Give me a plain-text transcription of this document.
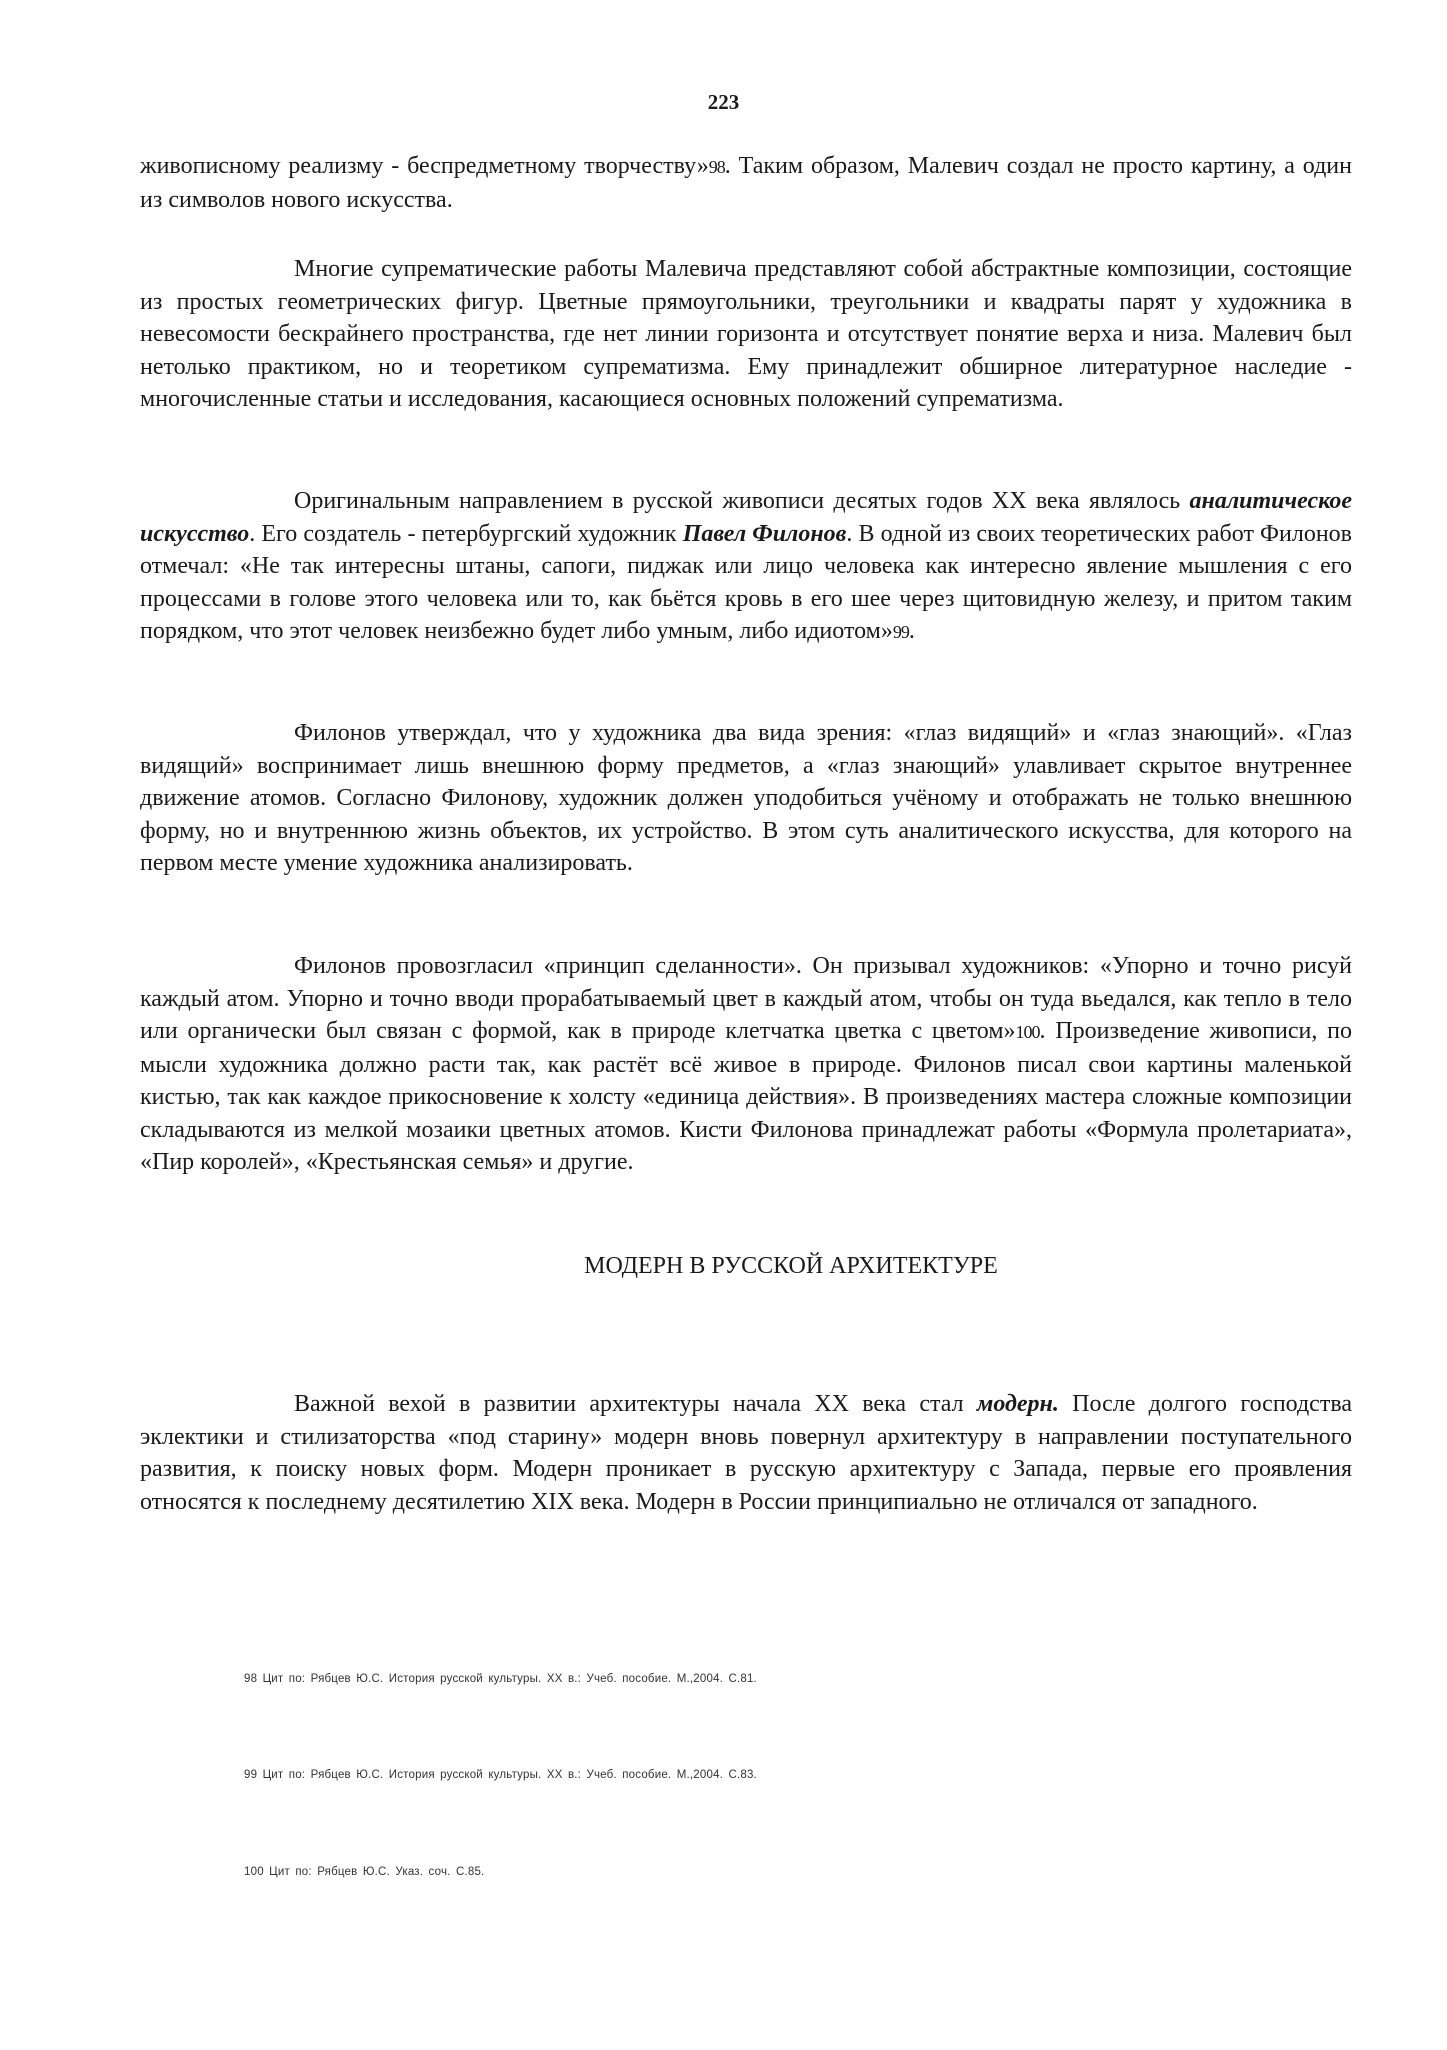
223

живописному реализму - беспредметному творчеству»98. Таким образом, Малевич создал не просто картину, а один из символов нового искусства.

Многие супрематические работы Малевича представляют собой абстрактные композиции, состоящие из простых геометрических фигур. Цветные прямоугольники, треугольники и квадраты парят у художника в невесомости бескрайнего пространства, где нет линии горизонта и отсутствует понятие верха и низа. Малевич был нетолько практиком, но и теоретиком супрематизма. Ему принадлежит обширное литературное наследие - многочисленные статьи и исследования, касающиеся основных положений супрематизма.

Оригинальным направлением в русской живописи десятых годов XX века являлось аналитическое искусство. Его создатель - петербургский художник Павел Филонов. В одной из своих теоретических работ Филонов отмечал: «Не так интересны штаны, сапоги, пиджак или лицо человека как интересно явление мышления с его процессами в голове этого человека или то, как бьётся кровь в его шее через щитовидную железу, и притом таким порядком, что этот человек неизбежно будет либо умным, либо идиотом»99.

Филонов утверждал, что у художника два вида зрения: «глаз видящий» и «глаз знающий». «Глаз видящий» воспринимает лишь внешнюю форму предметов, а «глаз знающий» улавливает скрытое внутреннее движение атомов. Согласно Филонову, художник должен уподобиться учёному и отображать не только внешнюю форму, но и внутреннюю жизнь объектов, их устройство. В этом суть аналитического искусства, для которого на первом месте умение художника анализировать.

Филонов провозгласил «принцип сделанности». Он призывал художников: «Упорно и точно рисуй каждый атом. Упорно и точно вводи прорабатываемый цвет в каждый атом, чтобы он туда вьедался, как тепло в тело или органически был связан с формой, как в природе клетчатка цветка с цветом»100. Произведение живописи, по мысли художника должно расти так, как растёт всё живое в природе. Филонов писал свои картины маленькой кистью, так как каждое прикосновение к холсту «единица действия». В произведениях мастера сложные композиции складываются из мелкой мозаики цветных атомов. Кисти Филонова принадлежат работы «Формула пролетариата», «Пир королей», «Крестьянская семья» и другие.

МОДЕРН В РУССКОЙ АРХИТЕКТУРЕ

Важной вехой в развитии архитектуры начала XX века стал модерн. После долгого господства эклектики и стилизаторства «под старину» модерн вновь повернул архитектуру в направлении поступательного развития, к поиску новых форм. Модерн проникает в русскую архитектуру с Запада, первые его проявления относятся к последнему десятилетию XIX века. Модерн в России принципиально не отличался от западного.

98 Цит по: Рябцев Ю.С. История русской культуры. XX в.: Учеб. пособие. М.,2004. С.81.
99 Цит по: Рябцев Ю.С. История русской культуры. XX в.: Учеб. пособие. М.,2004. С.83.
100 Цит по: Рябцев Ю.С. Указ. соч. С.85.
